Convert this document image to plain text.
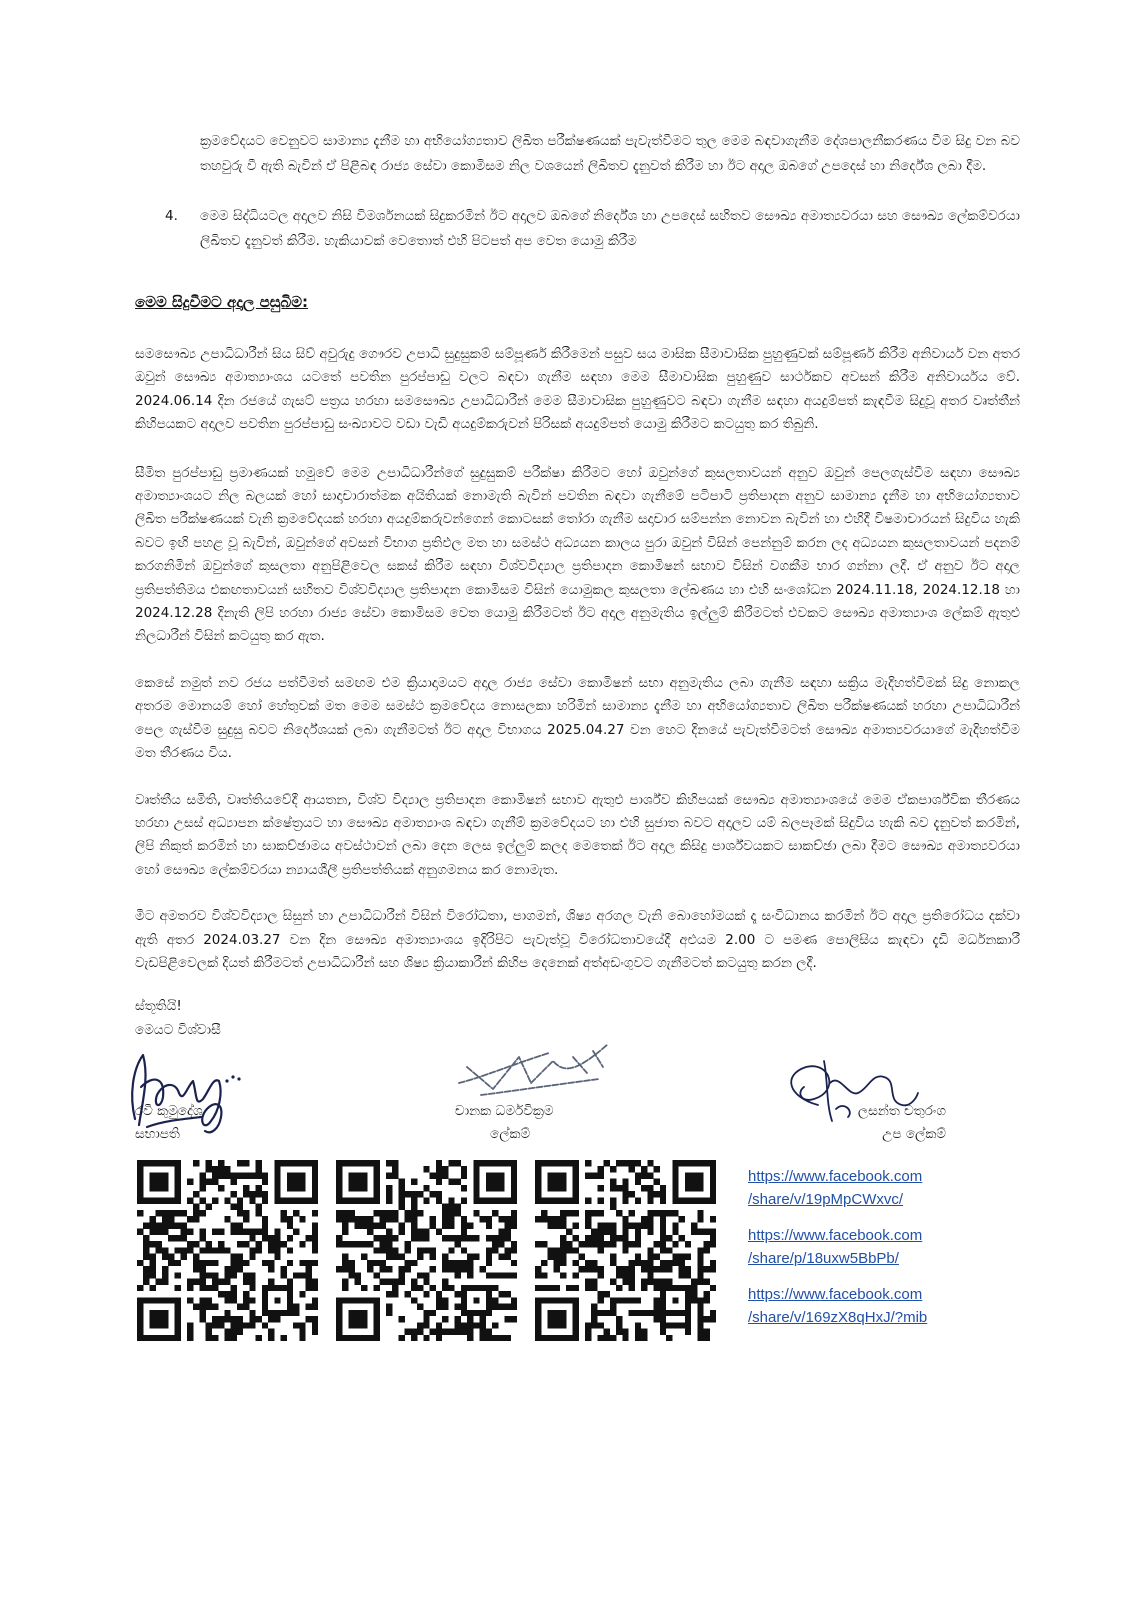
ක්‍රමවේදයට වෙනුවට සාමාන්‍ය දැනීම හා අභියෝග්‍යතාව ලිඛිත පරීක්ෂණයක් පැවැත්වීමට තුල මෙම බඳවාගැනීම දේශපාලනීකරණය වීම සිදු වන බව තහවුරු වී ඇති බැවින් ඒ පිළිබඳ රාජ්‍ය සේවා කොමිසම නිල වශයෙන් ලිඛිතව දැනුවත් කිරීම හා ඊට අදාල ඔබගේ උපදෙස් හා නිර්දේශ ලබා දීම.
4.	මෙම සිද්ධියටල අදාලව නිසි විමර්ශනයක් සිදුකරමින් ඊට අදාලව ඔබගේ නිර්දේශ හා උපදෙස් සහිතව සෞඛ්‍ය අමාත්‍යවරයා සහ සෞඛ්‍ය ලේකම්වරයා ලිඛිතව දැනුවත් කිරීම. හැකියාවක් වෙතොත් එහි පිටපත් අප වෙත යොමු කිරීම
මෙම සිදුවීමට අදාල පසුබිම:

සමසෞඛ්‍ය උපාධිධාරීන් සිය සිව් අවුරුදු ගෞරව උපාධි සුදුසුකම් සම්පූර්ණ කිරීමෙන් පසුව සය මාසික සීමාවාසික පුහුණුවක් සම්පූර්ණ කිරීම අනිවාර්ය වන අතර ඔවුන් සෞඛ්‍ය අමාත්‍යාංශය යටතේ පවතින පුරප්පාඩු වලට බඳවා ගැනීම සඳහා මෙම සීමාවාසික පුහුණුව සාර්ථකව අවසන් කිරීම අනිවාර්යය වේ. 2024.06.14 දින රජයේ ගැසට් පත්‍රය හරහා සමසෞඛ්‍ය උපාධිධාරීන් මෙම සීමාවාසික පුහුණුවට බඳවා ගැනීම සඳහා අයදුම්පත් කැඳවීම සිදුවූ අතර වෘත්තීන් කිහිපයකට අදාලව පවතින පුරප්පාඩු සංඛ්‍යාවට වඩා වැඩි අයදුම්කරුවන් පිරිසක් අයදුම්පත් යොමු කිරීමට කටයුතු කර තිබුනි.

සීමිත පුරප්පාඩු ප්‍රමාණයක් හමුවේ මෙම උපාධිධාරීන්ගේ සුදුසුකම් පරීක්ෂා කිරීමට හෝ ඔවුන්ගේ කුසලතාවයන් අනුව ඔවුන් පෙලගැස්වීම සඳහා සෞඛ්‍ය අමාත්‍යාංශයට නිල බලයක් හෝ සාදාචාරාත්මක අයිතියක් නොමැති බැවින් පවතින බඳවා ගැනීමේ පටිපාටි ප්‍රතිපාදන අනුව සාමාන්‍ය දැනීම හා අභියෝග්‍යතාව ලිඛිත පරීක්ෂණයක් වැනි ක්‍රමවේදයක් හරහා අයදුම්කරුවන්ගෙන් කොටසක් තෝරා ගැනීම සදාචාර සම්පන්න නොවන බැවින් හා එහිදී විෂමාචාරයන් සිදුවිය හැකි බවට ඉඟි පහළ වූ බැවින්, ඔවුන්ගේ අවසන් විභාග ප්‍රතිඵල මත හා සමස්ථ අධ්‍යයන කාලය පුරා ඔවුන් විසින් පෙන්නුම් කරන ලද අධ්‍යයන කුසලතාවයන් පදනම් කරගනිමින් ඔවුන්ගේ කුසලතා අනුපිළිවෙල සකස් කිරීම සඳහා විශ්වවිද්‍යාල ප්‍රතිපාදන කොමිෂන් සභාව විසින් වගකීම භාර ගන්නා ලදී. ඒ අනුව ඊට අදාල ප්‍රතිපත්තිමය එකඟතාවයන් සහිතව විශ්වවිද්‍යාල ප්‍රතිපාදන කොමිසම විසින් යොමුකල කුසලතා ලේඛණය හා එහි සංශෝධන 2024.11.18, 2024.12.18 හා 2024.12.28 දිනැති ලිපි හරහා රාජ්‍ය සේවා කොමිසම වෙත යොමු කිරීමටත් ඊට අදාල අනුමැතිය ඉල්ලුම් කිරීමටත් එවකට සෞඛ්‍ය අමාත්‍යාංශ ලේකම් ඇතුළු නිලධාරීන් විසින් කටයුතු කර ඇත.

කෙසේ නමුත් නව රජය පත්වීමත් සමඟම එම ක්‍රියාදාමයට අදාල රාජ්‍ය සේවා කොමිෂන් සභා අනුමැතිය ලබා ගැනීම සඳහා සක්‍රිය මැදිහත්වීමක් සිදු නොකල අතරම මොනයම් හෝ හේතුවක් මත මෙම සමස්ථ ක්‍රමවේදය නොසලකා හරිමින් සාමාන්‍ය දැනීම හා අභියෝග්‍යතාව ලිඛිත පරීක්ෂණයක් හරහා උපාධිධාරීන් පෙල ගැස්වීම සුදුසු බවට නිර්දේශයක් ලබා ගැනීමටත් ඊට අදාල විභාගය 2025.04.27 වන හෙට දිනයේ පැවැත්වීමටත් සෞඛ්‍ය අමාත්‍යවරයාගේ මැදිහත්වීම මත තීරණය විය.

වෘත්තීය සමිති, වෘත්තියවේදී ආයතන, විශ්ව විද්‍යාල ප්‍රතිපාදන කොමිෂන් සභාව ඇතුළු පාර්ශ්ව කිහිපයක් සෞඛ්‍ය අමාත්‍යාංශයේ මෙම ඒකපාර්ශ්වික තීරණය හරහා උසස් අධ්‍යාපන ක්ෂේත්‍රයට හා සෞඛ්‍ය අමාත්‍යාංශ බඳවා ගැනීම් ක්‍රමවේදයට හා එහි සුජාත බවට අදාලව යම් බලපෑමක් සිදුවිය හැකි බව දැනුවත් කරමින්, ලිපි නිකුත් කරමින් හා සාකච්ඡාමය අවස්ථාවන් ලබා දෙන ලෙස ඉල්ලුම් කලද මෙතෙක් ඊට අදාල කිසිදු පාර්ශ්වයකට සාකච්ඡා ලබා දීමට සෞඛ්‍ය අමාත්‍යවරයා හෝ සෞඛ්‍ය ලේකම්වරයා න්‍යායශීලී ප්‍රතිපත්තියක් අනුගමනය කර නොමැත.

මීට අමතරව විශ්වවිද්‍යාල සිසුන් හා උපාධිධාරීන් විසින් විරෝධතා, පාගමන්, ශිෂ්‍ය අරගල වැනි බොහෝමයක් දෑ සංවිධානය කරමින් ඊට අදාල ප්‍රතිරෝධය දක්වා ඇති අතර 2024.03.27 වන දින සෞඛ්‍ය අමාත්‍යාංශය ඉදිරිපිට පැවැත්වූ විරෝධතාවයේදී අළුයම 2.00 ට පමණ පොලිසිය කැඳවා දැඩි මර්ධනකාරී වැඩපිළිවෙලක් දියත් කිරීමටත් උපාධිධාරීන් සහ ශිෂ්‍ය ක්‍රියාකාරීන් කිහිප දෙනෙක් අත්අඩංගුවට ගැනීමටත් කටයුතු කරන ලදී.

ස්තූතියි!
මෙයට විශ්වාසී
රවී කුමුදේශ
සභාපති
චානක ධර්මවික්‍රම
ලේකම්
ලසන්ත චතුරංග
උප ලේකම්
https://www.facebook.com
/share/v/19pMpCWxvc/
https://www.facebook.com
/share/p/18uxw5BbPb/
https://www.facebook.com
/share/v/169zX8qHxJ/?mib
